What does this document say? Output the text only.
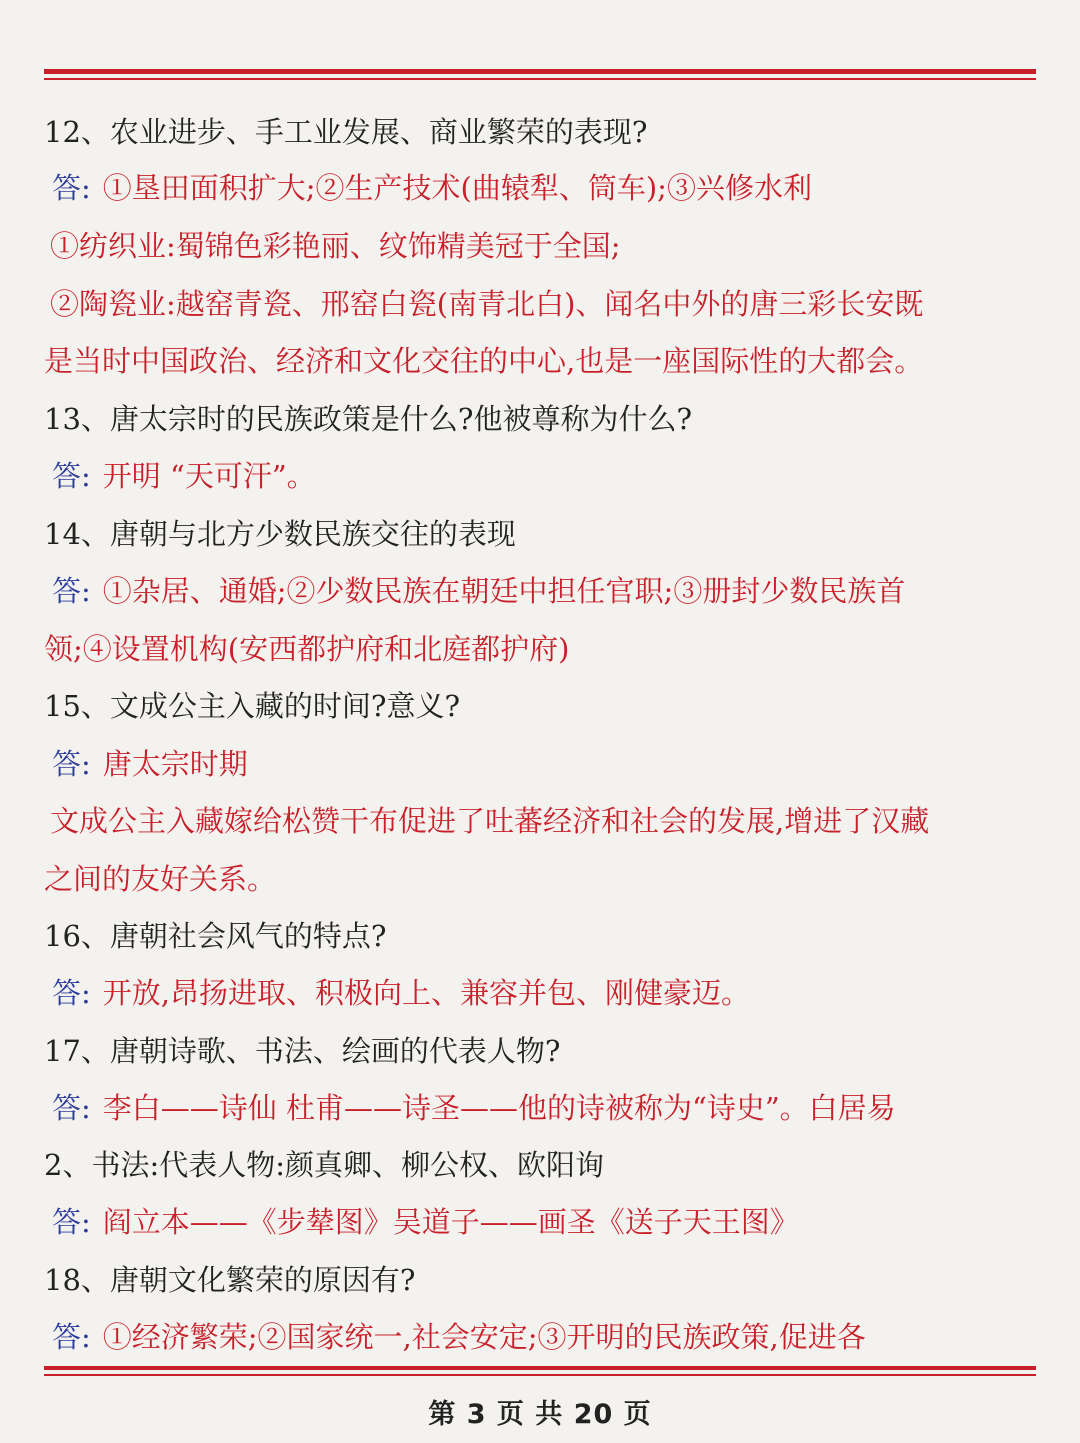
12、农业进步、手工业发展、商业繁荣的表现?
答: ①垦田面积扩大;②生产技术(曲辕犁、筒车);③兴修水利
①纺织业:蜀锦色彩艳丽、纹饰精美冠于全国;
②陶瓷业:越窑青瓷、邢窑白瓷(南青北白)、闻名中外的唐三彩长安既
是当时中国政治、经济和文化交往的中心,也是一座国际性的大都会。
13、唐太宗时的民族政策是什么?他被尊称为什么?
答: 开明 “天可汗”。
14、唐朝与北方少数民族交往的表现
答: ①杂居、通婚;②少数民族在朝廷中担任官职;③册封少数民族首
领;④设置机构(安西都护府和北庭都护府)
15、文成公主入藏的时间?意义?
答: 唐太宗时期
文成公主入藏嫁给松赞干布促进了吐蕃经济和社会的发展,增进了汉藏
之间的友好关系。
16、唐朝社会风气的特点?
答: 开放,昂扬进取、积极向上、兼容并包、刚健豪迈。
17、唐朝诗歌、书法、绘画的代表人物?
答: 李白——诗仙 杜甫——诗圣——他的诗被称为“诗史”。白居易
2、书法:代表人物:颜真卿、柳公权、欧阳询
答: 阎立本——《步辇图》吴道子——画圣《送子天王图》
18、唐朝文化繁荣的原因有?
答: ①经济繁荣;②国家统一,社会安定;③开明的民族政策,促进各
第 3 页 共 20 页
